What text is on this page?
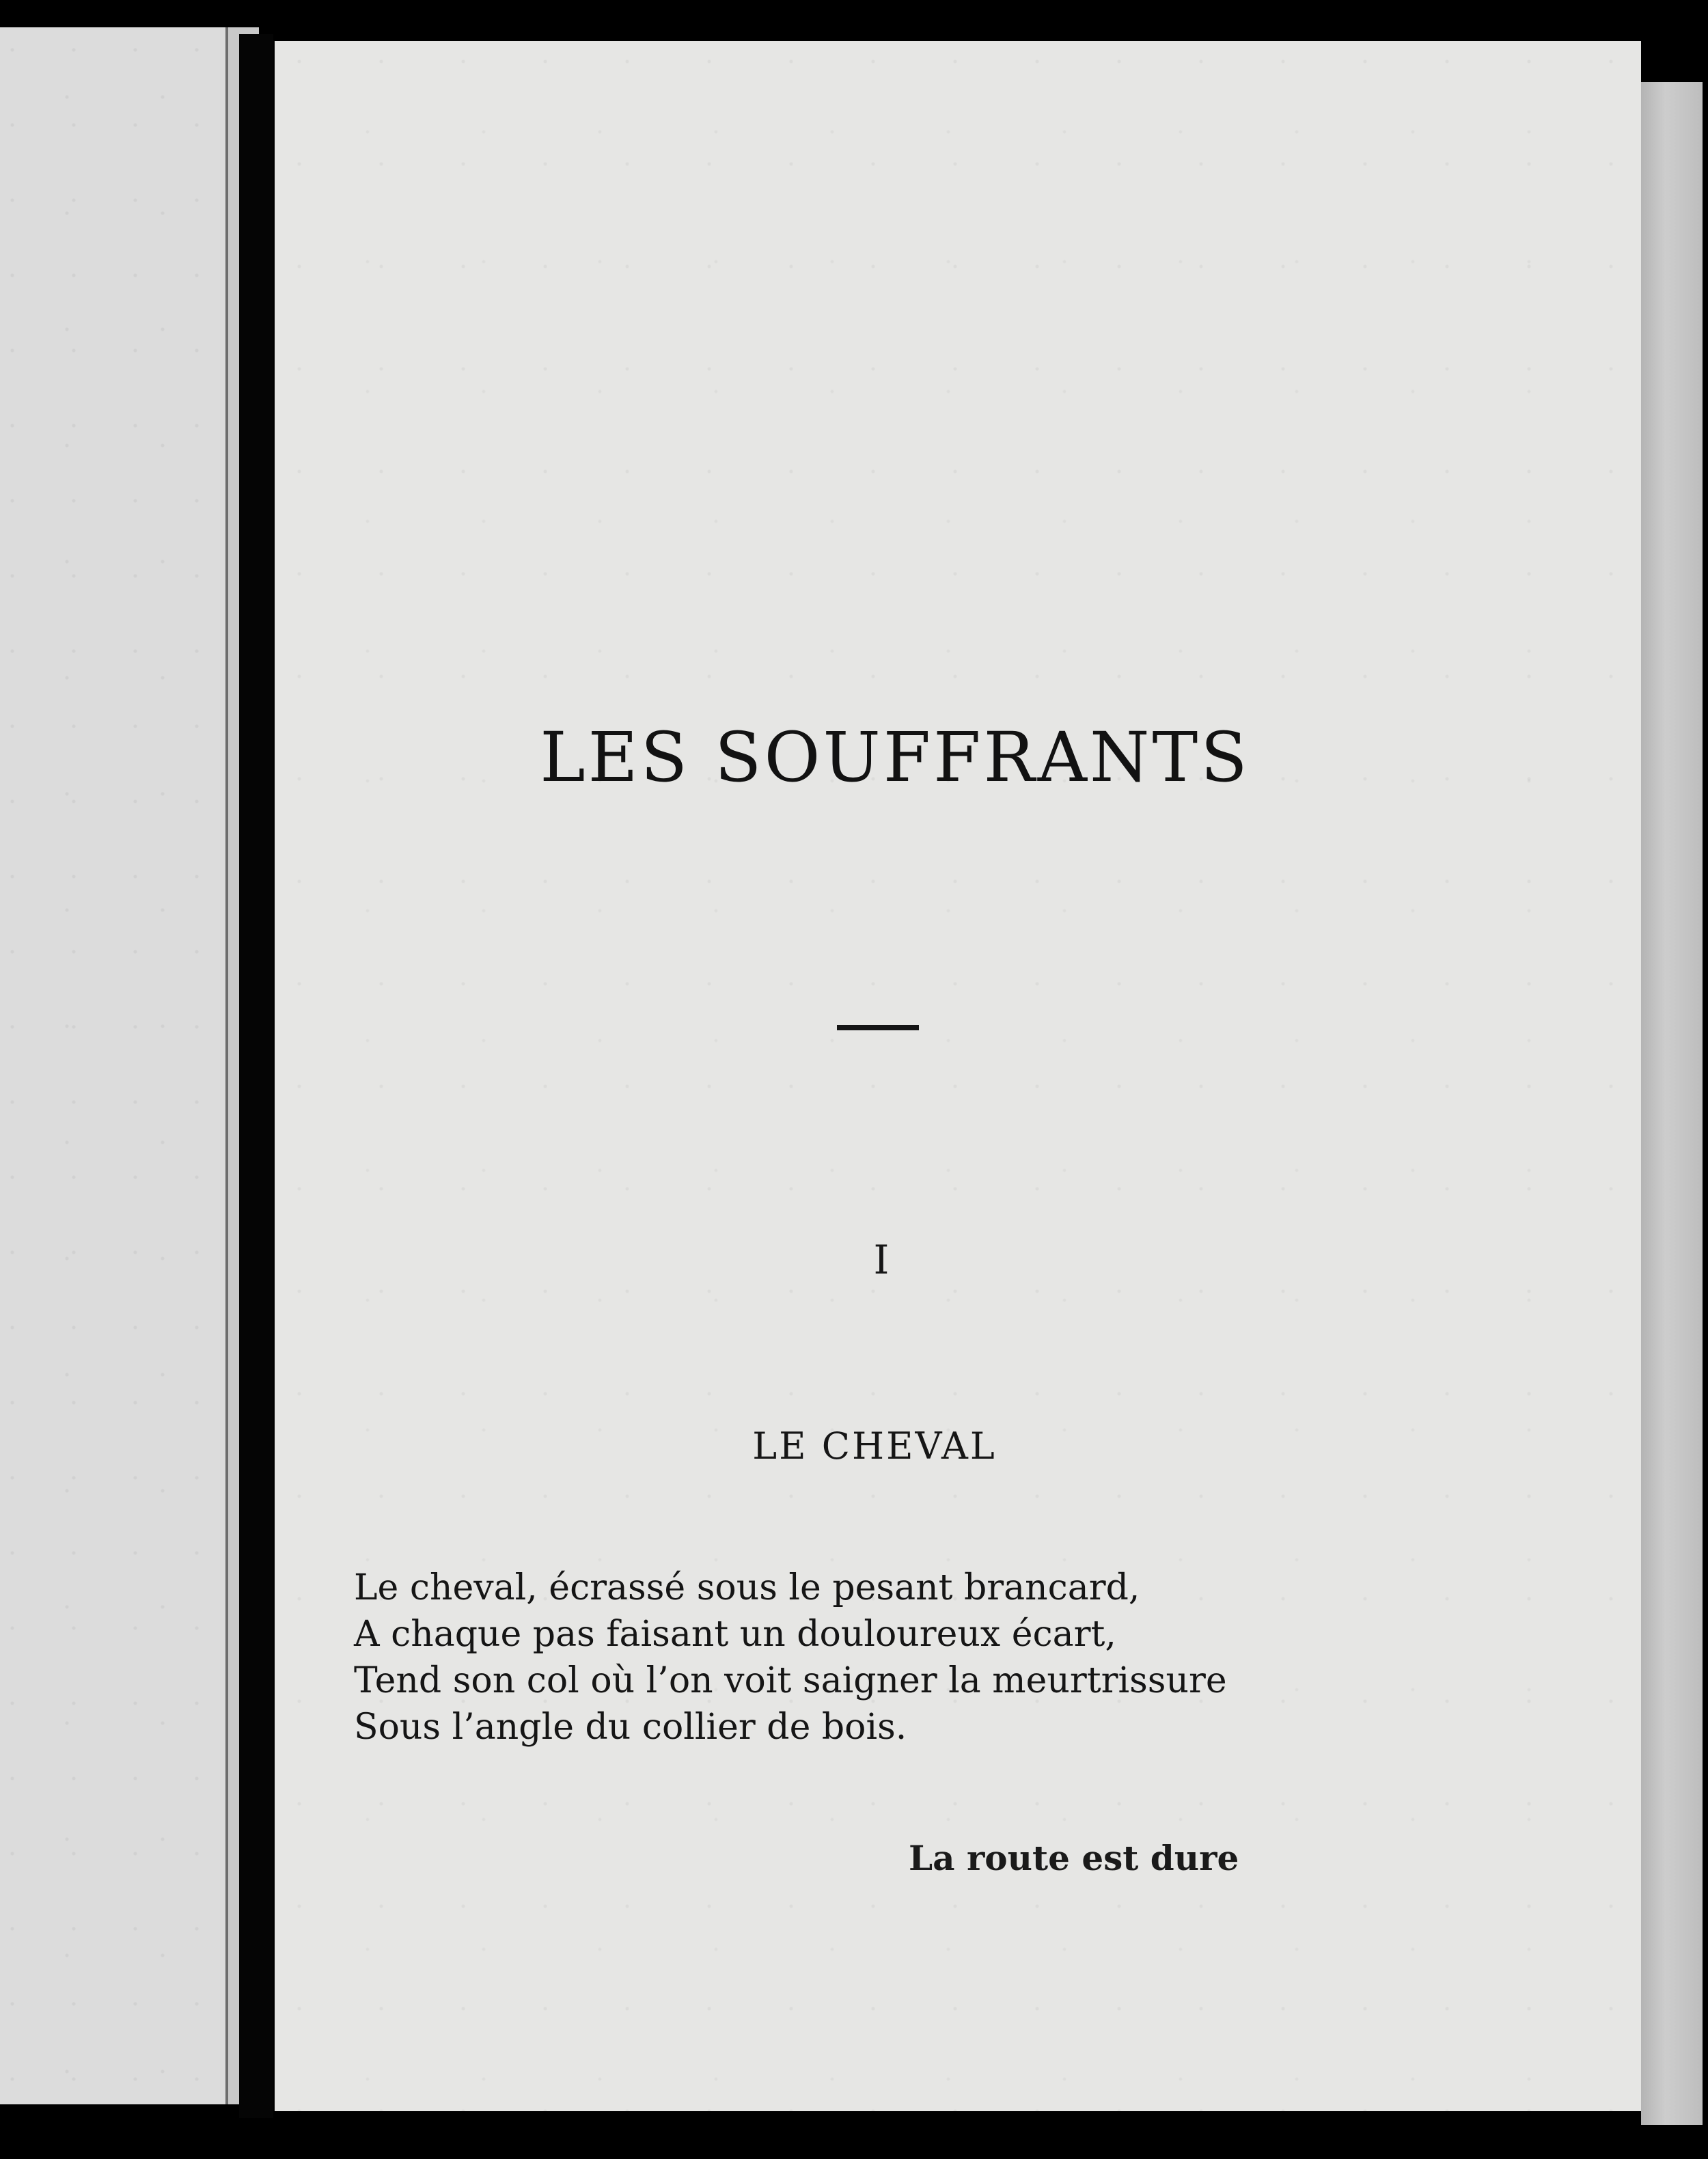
LES SOUFFRANTS
I
LE CHEVAL

Le cheval, écrassé sous le pesant brancard,

A chaque pas faisant un douloureux écart,

Tend son col où l’on voit saigner la meurtrissure

Sous l’angle du collier de bois.

La route est dure
